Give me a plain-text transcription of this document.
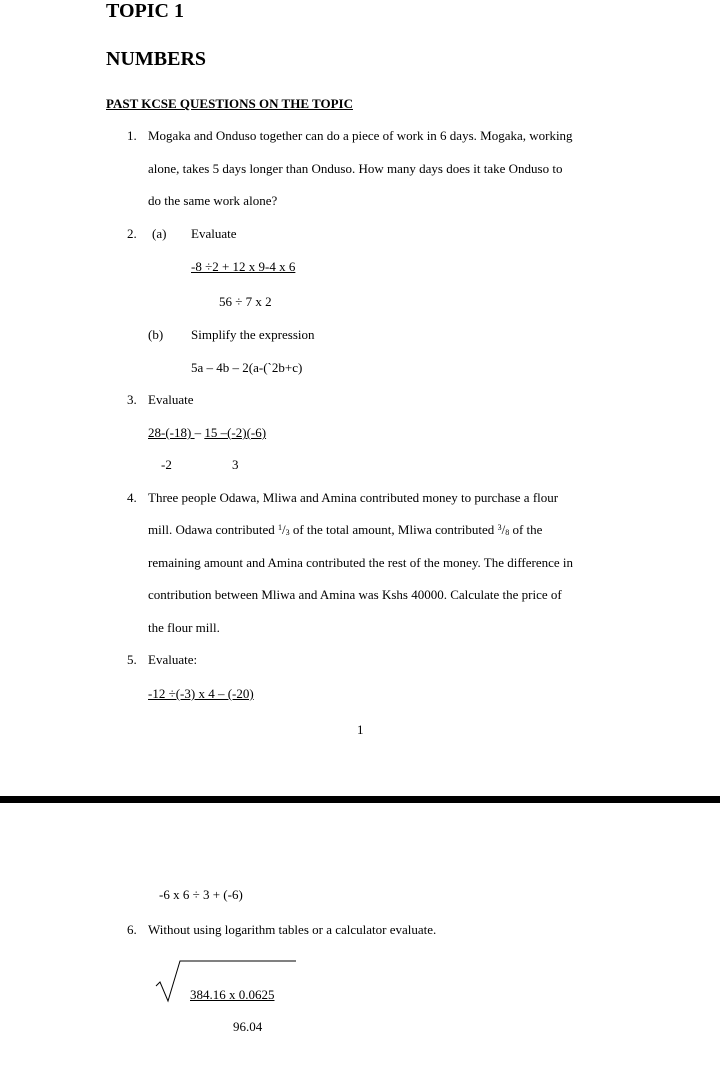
TOPIC 1
NUMBERS
PAST KCSE QUESTIONS ON THE TOPIC
1. Mogaka and Onduso together can do a piece of work in 6 days. Mogaka, working
alone, takes 5 days longer than Onduso. How many days does it take Onduso to
do the same work alone?
2. (a) Evaluate
-8 ÷2 + 12 x 9-4 x 6
56 ÷ 7 x 2
(b) Simplify the expression
5a – 4b – 2(a-(`2b+c)
3. Evaluate
28-(-18) – 15 –(-2)(-6)
-2	3
4. Three people Odawa, Mliwa and Amina contributed money to purchase a flour
mill. Odawa contributed $^1/_3$ of the total amount, Mliwa contributed $^3/_8$ of the
remaining amount and Amina contributed the rest of the money. The difference in
contribution between Mliwa and Amina was Kshs 40000. Calculate the price of
the flour mill.
5. Evaluate:
-12 ÷(-3) x 4 – (-20)
1
-6 x 6 ÷ 3 + (-6)
6. Without using logarithm tables or a calculator evaluate.
384.16 x 0.0625
96.04
